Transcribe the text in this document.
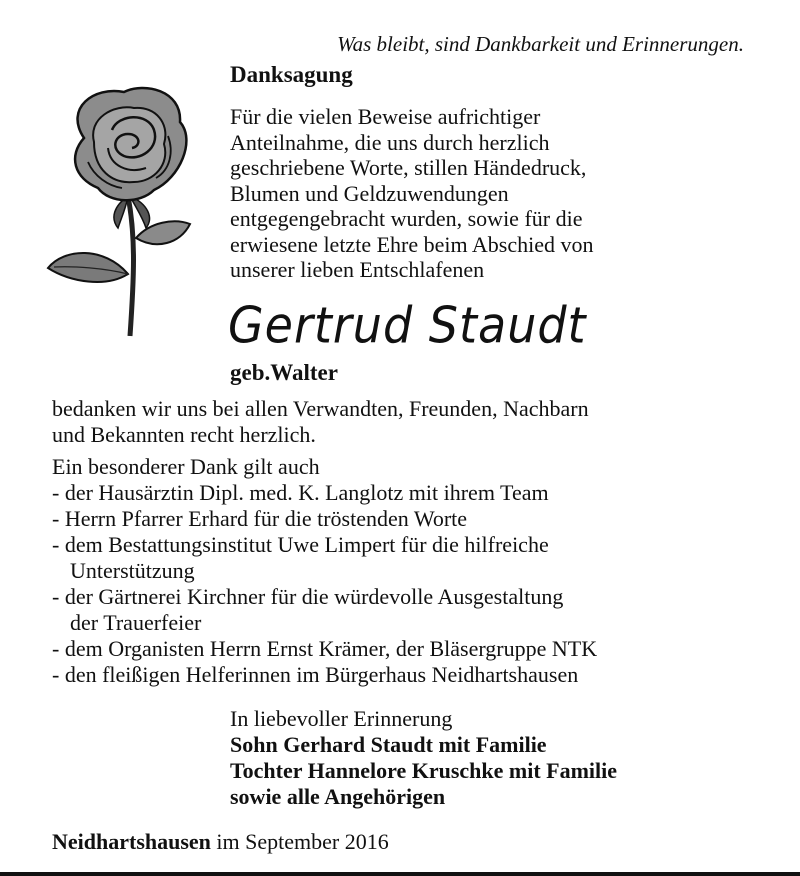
Was bleibt, sind Dankbarkeit und Erinnerungen.
Danksagung
Für die vielen Beweise aufrichtiger
Anteilnahme, die uns durch herzlich
geschriebene Worte, stillen Händedruck,
Blumen und Geldzuwendungen
entgegengebracht wurden, sowie für die
erwiesene letzte Ehre beim Abschied von
unserer lieben Entschlafenen
Gertrud Staudt
geb.Walter
bedanken wir uns bei allen Verwandten, Freunden, Nachbarn
und Bekannten recht herzlich.
Ein besonderer Dank gilt auch
- der Hausärztin Dipl. med. K. Langlotz mit ihrem Team
- Herrn Pfarrer Erhard für die tröstenden Worte
- dem Bestattungsinstitut Uwe Limpert für die hilfreiche
Unterstützung
- der Gärtnerei Kirchner für die würdevolle Ausgestaltung
der Trauerfeier
- dem Organisten Herrn Ernst Krämer, der Bläsergruppe NTK
- den fleißigen Helferinnen im Bürgerhaus Neidhartshausen
In liebevoller Erinnerung
Sohn Gerhard Staudt mit Familie
Tochter Hannelore Kruschke mit Familie
sowie alle Angehörigen
Neidhartshausen im September 2016
